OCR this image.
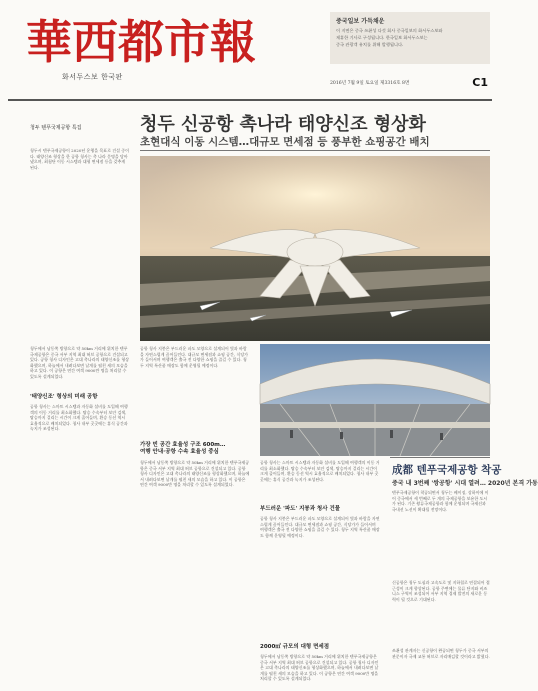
華西都市報
화서두스보 한국판
중국일보 가득채운
이 지면은 중국 쓰촨성 다섯 회사 중국일보의 화서두스보와
제휴한 기사로 구성됩니다. 한국일보 화서두스보는
중국 관광객 유치를 위해 발행됩니다.
2016년 7월 9일 토요일 제3316호 8면	C1
청두 텐푸국제공항 특집	청두 신공항 촉나라 태양신조 형상화
초현대식 이동 시스템…대규모 면세점 등 풍부한 쇼핑공간 배치
청두시 텐푸국제공항이 2020년 운행을 목표로 건설 중이다. 태양신조 형상을 한 공항 청사는 촉 나라 문명을 담아냈으며, 최첨단 이동 시스템과 대형 면세점 등을 갖추게 된다.
'태양신조' 형상의 미래 공항
청두에서 남동쪽 방향으로 약 50km 거리에 위치한 텐푸국제공항은 중국 서부 지역 최대 허브 공항으로 건설되고 있다. 공항 청사 디자인은 고대 촉나라의 태양신조를 형상화했으며, 하늘에서 내려다보면 날개를 펼친 새의 모습을 하고 있다. 이 공항은 연간 여객 9000만 명을 처리할 수 있도록 설계되었다.
공항 청사는 스마트 시스템과 자동화 설비를 도입해 여행객의 이동 거리를 최소화했다. 탑승 수속부터 보안 검색, 탑승까지 걸리는 시간이 크게 줄어들며, 환승 동선 역시 효율적으로 배치되었다. 청사 내부 곳곳에는 휴식 공간과 녹지가 조성된다.
가장 빈 공간 효율성 구조 600m…
여행 안내·공항 수속 효율성 중심
공항 청사 지붕은 부드러운 파도 모양으로 설계되어 빛과 바람을 자연스럽게 끌어들인다. 대규모 면세점과 쇼핑 공간, 식당가가 들어서며 여행객은 출국 전 다양한 쇼핑을 즐길 수 있다. 청두 지역 특산품 매장도 함께 운영될 예정이다.
청두에서 남동쪽 방향으로 약 50km 거리에 위치한 텐푸국제공항은 중국 서부 지역 최대 허브 공항으로 건설되고 있다. 공항 청사 디자인은 고대 촉나라의 태양신조를 형상화했으며, 하늘에서 내려다보면 날개를 펼친 새의 모습을 하고 있다. 이 공항은 연간 여객 9000만 명을 처리할 수 있도록 설계되었다.
부드러운 '파도' 지붕과 청사 건물
2000㎡ 규모의 대형 면세점
공항 청사는 스마트 시스템과 자동화 설비를 도입해 여행객의 이동 거리를 최소화했다. 탑승 수속부터 보안 검색, 탑승까지 걸리는 시간이 크게 줄어들며, 환승 동선 역시 효율적으로 배치되었다. 청사 내부 곳곳에는 휴식 공간과 녹지가 조성된다.
공항 청사 지붕은 부드러운 파도 모양으로 설계되어 빛과 바람을 자연스럽게 끌어들인다. 대규모 면세점과 쇼핑 공간, 식당가가 들어서며 여행객은 출국 전 다양한 쇼핑을 즐길 수 있다. 청두 지역 특산품 매장도 함께 운영될 예정이다.
청두에서 남동쪽 방향으로 약 50km 거리에 위치한 텐푸국제공항은 중국 서부 지역 최대 허브 공항으로 건설되고 있다. 공항 청사 디자인은 고대 촉나라의 태양신조를 형상화했으며, 하늘에서 내려다보면 날개를 펼친 새의 모습을 하고 있다. 이 공항은 연간 여객 9000만 명을 처리할 수 있도록 설계되었다.
成都 텐푸국제공항 착공
중국 내 3번째 '쌍공항' 시대 열려… 2020년 본격 가동
텐푸국제공항이 착공되면서 청두는 베이징, 상하이에 이어 중국에서 세 번째로 두 개의 국제공항을 보유한 도시가 된다. 기존 솽류국제공항과 함께 운영되며 국제선과 국내선 노선이 확대될 전망이다.
신공항은 청두 도심과 고속도로 및 지하철로 연결되어 접근성이 크게 향상된다. 공항 주변에는 물류 단지와 비즈니스 구역이 조성되어 서부 지역 경제 발전의 새로운 동력이 될 것으로 기대된다.
쓰촨성 관계자는 신공항이 완공되면 청두가 중국 서부의 관문이자 국제 교통 허브로 자리매김할 것이라고 밝혔다.
